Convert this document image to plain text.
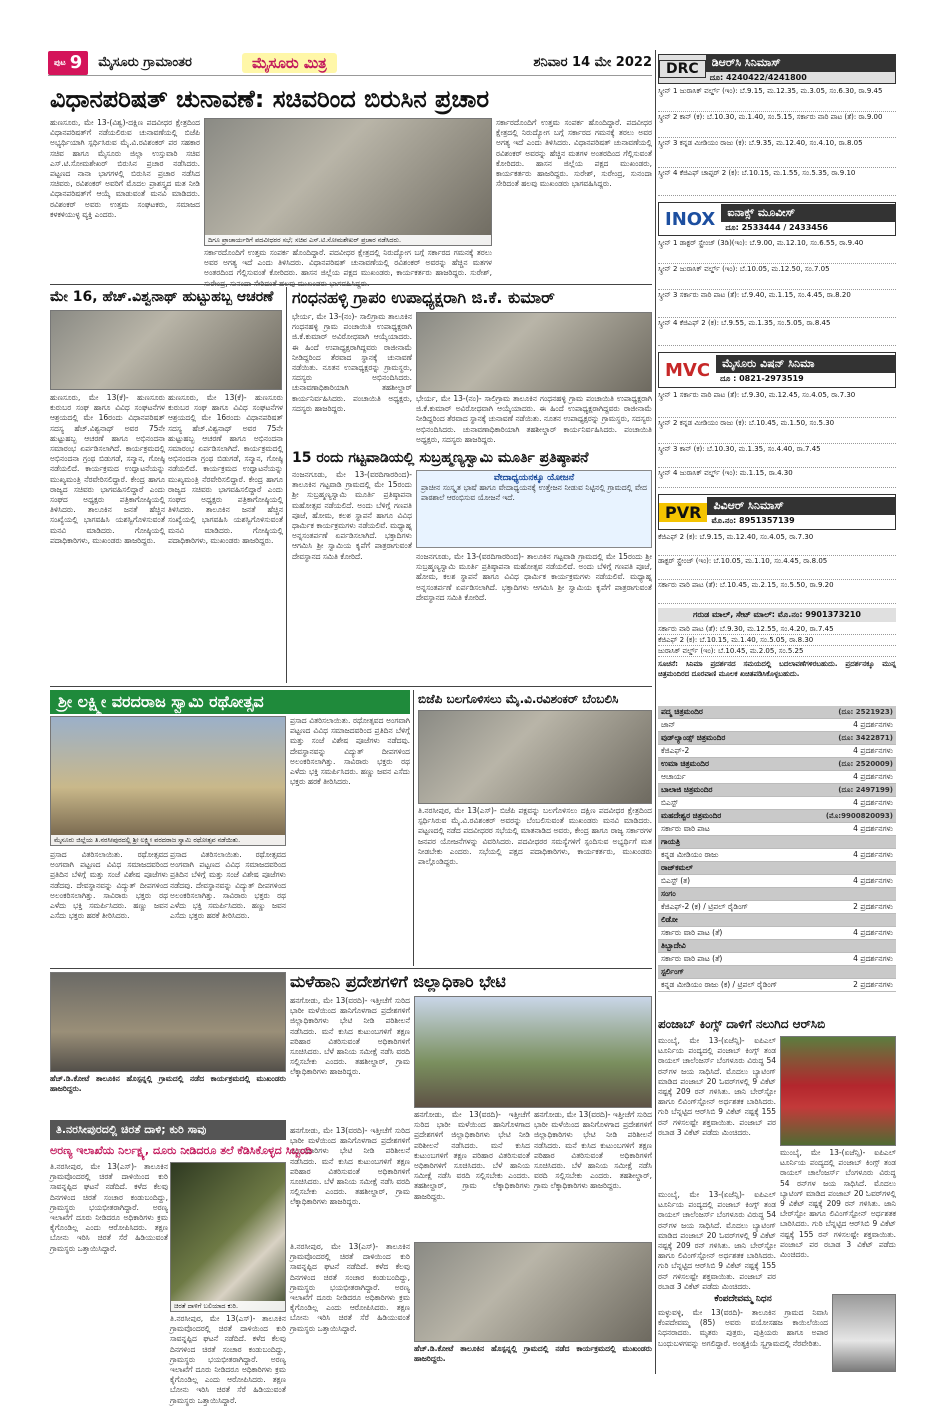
ಪುಟ 9 ಮೈಸೂರು ಗ್ರಾಮಾಂತರ	ಮೈಸೂರು ಮಿತ್ರ	ಶನಿವಾರ 14 ಮೇ 2022
ವಿಧಾನಪರಿಷತ್ ಚುನಾವಣೆ: ಸಚಿವರಿಂದ ಬಿರುಸಿನ ಪ್ರಚಾರ
ಹುಣಸೂರು, ಮೇ 13-(ವಿಶ್ವ)-ದಕ್ಷಿಣ ಪದವೀಧರ ಕ್ಷೇತ್ರದಿಂದ ವಿಧಾನಪರಿಷತ್‌ಗೆ ನಡೆಯಲಿರುವ ಚುನಾವಣೆಯಲ್ಲಿ ಬಿಜೆಪಿ ಅಭ್ಯರ್ಥಿಯಾಗಿ ಸ್ಪರ್ಧಿಸಿರುವ ಮೈ.ವಿ.ರವಿಶಂಕರ್ ಪರ ಸಹಕಾರ ಸಚಿವ ಹಾಗೂ ಮೈಸೂರು ಜಿಲ್ಲಾ ಉಸ್ತುವಾರಿ ಸಚಿವ ಎಸ್.ಟಿ.ಸೋಮಶೇಖರ್ ಬಿರುಸಿನ ಪ್ರಚಾರ ನಡೆಸಿದರು. ಪಟ್ಟಣದ ನಾನಾ ಭಾಗಗಳಲ್ಲಿ ಬಿರುಸಿನ ಪ್ರಚಾರ ನಡೆಸಿದ ಸಚಿವರು, ರವಿಶಂಕರ್ ಅವರಿಗೆ ಮೊದಲ ಪ್ರಾಶಸ್ತ್ಯದ ಮತ ನೀಡಿ ವಿಧಾನಪರಿಷತ್‌ಗೆ ಆಯ್ಕೆ ಮಾಡುವಂತೆ ಮನವಿ ಮಾಡಿದರು. ರವಿಶಂಕರ್ ಅವರು ಉತ್ತಮ ಸಂಘಟಕರು, ಸಮಾಜದ ಕಳಕಳಿಯುಳ್ಳ ವ್ಯಕ್ತಿ ಎಂದರು.
ದಿಗೂ ಪ್ರಾಚಾರ್ಯರಿಗೆ ಪದವೀಧರರ ಸಭೆ; ಸಚಿವ ಎಸ್.ಟಿ.ಸೋಮಶೇಖರ್ ಪ್ರಚಾರ ನಡೆಸಿದರು.
ಸರ್ಕಾರದೊಂದಿಗೆ ಉತ್ತಮ ಸಂಪರ್ಕ ಹೊಂದಿದ್ದಾರೆ. ಪದವೀಧರ ಕ್ಷೇತ್ರದಲ್ಲಿ ನಿರುದ್ಯೋಗ ಬಗ್ಗೆ ಸರ್ಕಾರದ ಗಮನಕ್ಕೆ ತರಲು ಅವರ ಅಗತ್ಯ ಇದೆ ಎಂದು ತಿಳಿಸಿದರು. ವಿಧಾನಪರಿಷತ್ ಚುನಾವಣೆಯಲ್ಲಿ ರವಿಶಂಕರ್ ಅವರನ್ನು ಹೆಚ್ಚಿನ ಮತಗಳ ಅಂತರದಿಂದ ಗೆಲ್ಲಿಸುವಂತೆ ಕೋರಿದರು. ಹಾಸನ ಜಿಲ್ಲೆಯ ಪಕ್ಷದ ಮುಖಂಡರು, ಕಾರ್ಯಕರ್ತರು ಹಾಜರಿದ್ದರು. ಸುರೇಶ್,
ಸರ್ಕಾರದೊಂದಿಗೆ ಉತ್ತಮ ಸಂಪರ್ಕ ಹೊಂದಿದ್ದಾರೆ. ಪದವೀಧರ ಕ್ಷೇತ್ರದಲ್ಲಿ ನಿರುದ್ಯೋಗ ಬಗ್ಗೆ ಸರ್ಕಾರದ ಗಮನಕ್ಕೆ ತರಲು ಅವರ ಅಗತ್ಯ ಇದೆ ಎಂದು ತಿಳಿಸಿದರು. ವಿಧಾನಪರಿಷತ್ ಚುನಾವಣೆಯಲ್ಲಿ ರವಿಶಂಕರ್ ಅವರನ್ನು ಹೆಚ್ಚಿನ ಮತಗಳ ಅಂತರದಿಂದ ಗೆಲ್ಲಿಸುವಂತೆ ಕೋರಿದರು. ಹಾಸನ ಜಿಲ್ಲೆಯ ಪಕ್ಷದ ಮುಖಂಡರು, ಕಾರ್ಯಕರ್ತರು ಹಾಜರಿದ್ದರು. ಸುರೇಶ್, ಸುರೇಂದ್ರ, ಸುನಂದಾ ಸೇರಿದಂತೆ ಹಲವು ಮುಖಂಡರು ಭಾಗವಹಿಸಿದ್ದರು.
ಮೇ 16, ಹೆಚ್.ವಿಶ್ವನಾಥ್ ಹುಟ್ಟುಹಬ್ಬ ಆಚರಣೆ
ಹುಣಸೂರು, ಮೇ 13(ಕೆ)- ಹುಣಸೂರು ಕುರುಬರ ಸಂಘ ಹಾಗೂ ವಿವಿಧ ಸಂಘಟನೆಗಳ ಆಶ್ರಯದಲ್ಲಿ ಮೇ 16ರಂದು ವಿಧಾನಪರಿಷತ್ ಸದಸ್ಯ ಹೆಚ್.ವಿಶ್ವನಾಥ್ ಅವರ 75ನೇ ಹುಟ್ಟುಹಬ್ಬ ಆಚರಣೆ ಹಾಗೂ ಅಭಿನಂದನಾ ಸಮಾರಂಭ ಏರ್ಪಡಿಸಲಾಗಿದೆ. ಕಾರ್ಯಕ್ರಮದಲ್ಲಿ ಅಭಿನಂದನಾ ಗ್ರಂಥ ಬಿಡುಗಡೆ, ಸನ್ಮಾನ, ಗೋಷ್ಠಿ ನಡೆಯಲಿದೆ. ಕಾರ್ಯಕ್ರಮದ ಉದ್ಘಾಟನೆಯನ್ನು ಮುಖ್ಯಮಂತ್ರಿ ನೆರವೇರಿಸಲಿದ್ದಾರೆ. ಕೇಂದ್ರ ಹಾಗೂ ರಾಜ್ಯದ ಸಚಿವರು ಭಾಗವಹಿಸಲಿದ್ದಾರೆ ಎಂದು ಸಂಘದ ಅಧ್ಯಕ್ಷರು ಪತ್ರಿಕಾಗೋಷ್ಠಿಯಲ್ಲಿ ತಿಳಿಸಿದರು. ತಾಲೂಕಿನ ಜನತೆ ಹೆಚ್ಚಿನ ಸಂಖ್ಯೆಯಲ್ಲಿ ಭಾಗವಹಿಸಿ ಯಶಸ್ವಿಗೊಳಿಸುವಂತೆ ಮನವಿ ಮಾಡಿದರು. ಗೋಷ್ಠಿಯಲ್ಲಿ ಪದಾಧಿಕಾರಿಗಳು, ಮುಖಂಡರು ಹಾಜರಿದ್ದರು.
ಹುಣಸೂರು, ಮೇ 13(ಕೆ)- ಹುಣಸೂರು ಕುರುಬರ ಸಂಘ ಹಾಗೂ ವಿವಿಧ ಸಂಘಟನೆಗಳ ಆಶ್ರಯದಲ್ಲಿ ಮೇ 16ರಂದು ವಿಧಾನಪರಿಷತ್ ಸದಸ್ಯ ಹೆಚ್.ವಿಶ್ವನಾಥ್ ಅವರ 75ನೇ ಹುಟ್ಟುಹಬ್ಬ ಆಚರಣೆ ಹಾಗೂ ಅಭಿನಂದನಾ ಸಮಾರಂಭ ಏರ್ಪಡಿಸಲಾಗಿದೆ. ಕಾರ್ಯಕ್ರಮದಲ್ಲಿ ಅಭಿನಂದನಾ ಗ್ರಂಥ ಬಿಡುಗಡೆ, ಸನ್ಮಾನ, ಗೋಷ್ಠಿ ನಡೆಯಲಿದೆ. ಕಾರ್ಯಕ್ರಮದ ಉದ್ಘಾಟನೆಯನ್ನು ಮುಖ್ಯಮಂತ್ರಿ ನೆರವೇರಿಸಲಿದ್ದಾರೆ. ಕೇಂದ್ರ ಹಾಗೂ ರಾಜ್ಯದ ಸಚಿವರು ಭಾಗವಹಿಸಲಿದ್ದಾರೆ ಎಂದು ಸಂಘದ ಅಧ್ಯಕ್ಷರು ಪತ್ರಿಕಾಗೋಷ್ಠಿಯಲ್ಲಿ ತಿಳಿಸಿದರು. ತಾಲೂಕಿನ ಜನತೆ ಹೆಚ್ಚಿನ ಸಂಖ್ಯೆಯಲ್ಲಿ ಭಾಗವಹಿಸಿ ಯಶಸ್ವಿಗೊಳಿಸುವಂತೆ ಮನವಿ ಮಾಡಿದರು. ಗೋಷ್ಠಿಯಲ್ಲಿ ಪದಾಧಿಕಾರಿಗಳು, ಮುಖಂಡರು ಹಾಜರಿದ್ದರು.
ಗಂಧನಹಳ್ಳಿ ಗ್ರಾಪಂ ಉಪಾಧ್ಯಕ್ಷರಾಗಿ ಜಿ.ಕೆ. ಕುಮಾರ್
ಭೇರ್ಯ, ಮೇ 13-(ನಂ)- ಸಾಲಿಗ್ರಾಮ ತಾಲೂಕಿನ ಗಂಧನಹಳ್ಳಿ ಗ್ರಾಮ ಪಂಚಾಯಿತಿ ಉಪಾಧ್ಯಕ್ಷರಾಗಿ ಜಿ.ಕೆ.ಕುಮಾರ್ ಅವಿರೋಧವಾಗಿ ಆಯ್ಕೆಯಾದರು. ಈ ಹಿಂದೆ ಉಪಾಧ್ಯಕ್ಷರಾಗಿದ್ದವರು ರಾಜೀನಾಮೆ ನೀಡಿದ್ದರಿಂದ ತೆರವಾದ ಸ್ಥಾನಕ್ಕೆ ಚುನಾವಣೆ ನಡೆಯಿತು. ನೂತನ ಉಪಾಧ್ಯಕ್ಷರನ್ನು ಗ್ರಾಮಸ್ಥರು, ಸದಸ್ಯರು ಅಭಿನಂದಿಸಿದರು. ಚುನಾವಣಾಧಿಕಾರಿಯಾಗಿ ತಹಶೀಲ್ದಾರ್ ಕಾರ್ಯನಿರ್ವಹಿಸಿದರು. ಪಂಚಾಯಿತಿ ಅಧ್ಯಕ್ಷರು, ಸದಸ್ಯರು ಹಾಜರಿದ್ದರು.
ಭೇರ್ಯ, ಮೇ 13-(ನಂ)- ಸಾಲಿಗ್ರಾಮ ತಾಲೂಕಿನ ಗಂಧನಹಳ್ಳಿ ಗ್ರಾಮ ಪಂಚಾಯಿತಿ ಉಪಾಧ್ಯಕ್ಷರಾಗಿ ಜಿ.ಕೆ.ಕುಮಾರ್ ಅವಿರೋಧವಾಗಿ ಆಯ್ಕೆಯಾದರು. ಈ ಹಿಂದೆ ಉಪಾಧ್ಯಕ್ಷರಾಗಿದ್ದವರು ರಾಜೀನಾಮೆ ನೀಡಿದ್ದರಿಂದ ತೆರವಾದ ಸ್ಥಾನಕ್ಕೆ ಚುನಾವಣೆ ನಡೆಯಿತು. ನೂತನ ಉಪಾಧ್ಯಕ್ಷರನ್ನು ಗ್ರಾಮಸ್ಥರು, ಸದಸ್ಯರು ಅಭಿನಂದಿಸಿದರು. ಚುನಾವಣಾಧಿಕಾರಿಯಾಗಿ ತಹಶೀಲ್ದಾರ್ ಕಾರ್ಯನಿರ್ವಹಿಸಿದರು. ಪಂಚಾಯಿತಿ ಅಧ್ಯಕ್ಷರು, ಸದಸ್ಯರು ಹಾಜರಿದ್ದರು.
15 ರಂದು ಗಟ್ಟವಾಡಿಯಲ್ಲಿ ಸುಬ್ರಹ್ಮಣ್ಯಸ್ವಾಮಿ ಮೂರ್ತಿ ಪ್ರತಿಷ್ಠಾಪನೆ
ನಂಜನಗೂಡು, ಮೇ 13-(ವರದಿಗಾರರಿಂದ)- ತಾಲೂಕಿನ ಗಟ್ಟವಾಡಿ ಗ್ರಾಮದಲ್ಲಿ ಮೇ 15ರಂದು ಶ್ರೀ ಸುಬ್ರಹ್ಮಣ್ಯಸ್ವಾಮಿ ಮೂರ್ತಿ ಪ್ರತಿಷ್ಠಾಪನಾ ಮಹೋತ್ಸವ ನಡೆಯಲಿದೆ. ಅಂದು ಬೆಳಿಗ್ಗೆ ಗಣಪತಿ ಪೂಜೆ, ಹೋಮ, ಕಲಶ ಸ್ಥಾಪನೆ ಹಾಗೂ ವಿವಿಧ ಧಾರ್ಮಿಕ ಕಾರ್ಯಕ್ರಮಗಳು ನಡೆಯಲಿವೆ. ಮಧ್ಯಾಹ್ನ ಅನ್ನಸಂತರ್ಪಣೆ ಏರ್ಪಡಿಸಲಾಗಿದೆ. ಭಕ್ತಾದಿಗಳು ಆಗಮಿಸಿ ಶ್ರೀ ಸ್ವಾಮಿಯ ಕೃಪೆಗೆ ಪಾತ್ರರಾಗುವಂತೆ ದೇವಸ್ಥಾನದ ಸಮಿತಿ ಕೋರಿದೆ.
ವೇದಾಧ್ಯಯನಕ್ಕೂ ಯೋಜನೆ
ಪ್ರಾಚೀನ ಸಂಸ್ಕೃತ ಭಾಷೆ ಹಾಗೂ ವೇದಾಧ್ಯಯನಕ್ಕೆ ಉತ್ತೇಜನ ನೀಡುವ ನಿಟ್ಟಿನಲ್ಲಿ ಗ್ರಾಮದಲ್ಲಿ ವೇದ ಪಾಠಶಾಲೆ ಆರಂಭಿಸುವ ಯೋಜನೆ ಇದೆ.
ನಂಜನಗೂಡು, ಮೇ 13-(ವರದಿಗಾರರಿಂದ)- ತಾಲೂಕಿನ ಗಟ್ಟವಾಡಿ ಗ್ರಾಮದಲ್ಲಿ ಮೇ 15ರಂದು ಶ್ರೀ ಸುಬ್ರಹ್ಮಣ್ಯಸ್ವಾಮಿ ಮೂರ್ತಿ ಪ್ರತಿಷ್ಠಾಪನಾ ಮಹೋತ್ಸವ ನಡೆಯಲಿದೆ. ಅಂದು ಬೆಳಿಗ್ಗೆ ಗಣಪತಿ ಪೂಜೆ, ಹೋಮ, ಕಲಶ ಸ್ಥಾಪನೆ ಹಾಗೂ ವಿವಿಧ ಧಾರ್ಮಿಕ ಕಾರ್ಯಕ್ರಮಗಳು ನಡೆಯಲಿವೆ. ಮಧ್ಯಾಹ್ನ ಅನ್ನಸಂತರ್ಪಣೆ ಏರ್ಪಡಿಸಲಾಗಿದೆ. ಭಕ್ತಾದಿಗಳು ಆಗಮಿಸಿ ಶ್ರೀ ಸ್ವಾಮಿಯ ಕೃಪೆಗೆ ಪಾತ್ರರಾಗುವಂತೆ ದೇವಸ್ಥಾನದ ಸಮಿತಿ ಕೋರಿದೆ.
ಶ್ರೀ ಲಕ್ಷ್ಮೀ ವರದರಾಜ ಸ್ವಾಮಿ ರಥೋತ್ಸವ
ಮೈಸೂರು ಜಿಲ್ಲೆಯ ತಿ.ನರಸೀಪುರದಲ್ಲಿ ಶ್ರೀ ಲಕ್ಷ್ಮೀ ವರದರಾಜ ಸ್ವಾಮಿ ರಥೋತ್ಸವ ನಡೆಯಿತು.
ಪ್ರಸಾದ ವಿತರಿಸಲಾಯಿತು. ರಥೋತ್ಸವದ ಅಂಗವಾಗಿ ಪಟ್ಟಣದ ವಿವಿಧ ಸಮಾಜದವರಿಂದ ಪ್ರತಿದಿನ ಬೆಳಿಗ್ಗೆ ಮತ್ತು ಸಂಜೆ ವಿಶೇಷ ಪೂಜೆಗಳು ನಡೆದವು. ದೇವಸ್ಥಾನವನ್ನು ವಿದ್ಯುತ್ ದೀಪಗಳಿಂದ ಅಲಂಕರಿಸಲಾಗಿತ್ತು. ಸಾವಿರಾರು ಭಕ್ತರು ರಥ ಎಳೆದು ಭಕ್ತಿ ಸಮರ್ಪಿಸಿದರು. ಹಣ್ಣು ಜವನ ಎಸೆದು ಭಕ್ತರು ಹರಕೆ ತೀರಿಸಿದರು.
ಪ್ರಸಾದ ವಿತರಿಸಲಾಯಿತು. ರಥೋತ್ಸವದ ಅಂಗವಾಗಿ ಪಟ್ಟಣದ ವಿವಿಧ ಸಮಾಜದವರಿಂದ ಪ್ರತಿದಿನ ಬೆಳಿಗ್ಗೆ ಮತ್ತು ಸಂಜೆ ವಿಶೇಷ ಪೂಜೆಗಳು ನಡೆದವು. ದೇವಸ್ಥಾನವನ್ನು ವಿದ್ಯುತ್ ದೀಪಗಳಿಂದ ಅಲಂಕರಿಸಲಾಗಿತ್ತು. ಸಾವಿರಾರು ಭಕ್ತರು ರಥ ಎಳೆದು ಭಕ್ತಿ ಸಮರ್ಪಿಸಿದರು. ಹಣ್ಣು ಜವನ ಎಸೆದು ಭಕ್ತರು ಹರಕೆ ತೀರಿಸಿದರು.
ಪ್ರಸಾದ ವಿತರಿಸಲಾಯಿತು. ರಥೋತ್ಸವದ ಅಂಗವಾಗಿ ಪಟ್ಟಣದ ವಿವಿಧ ಸಮಾಜದವರಿಂದ ಪ್ರತಿದಿನ ಬೆಳಿಗ್ಗೆ ಮತ್ತು ಸಂಜೆ ವಿಶೇಷ ಪೂಜೆಗಳು ನಡೆದವು. ದೇವಸ್ಥಾನವನ್ನು ವಿದ್ಯುತ್ ದೀಪಗಳಿಂದ ಅಲಂಕರಿಸಲಾಗಿತ್ತು. ಸಾವಿರಾರು ಭಕ್ತರು ರಥ ಎಳೆದು ಭಕ್ತಿ ಸಮರ್ಪಿಸಿದರು. ಹಣ್ಣು ಜವನ ಎಸೆದು ಭಕ್ತರು ಹರಕೆ ತೀರಿಸಿದರು.
ಬಿಜೆಪಿ ಬಲಗೊಳಿಸಲು ಮೈ.ವಿ.ರವಿಶಂಕರ್ ಬೆಂಬಲಿಸಿ
ತಿ.ನರಸೀಪುರ, ಮೇ 13(ಎಸ್)- ಬಿಜೆಪಿ ಪಕ್ಷವನ್ನು ಬಲಗೊಳಿಸಲು ದಕ್ಷಿಣ ಪದವೀಧರ ಕ್ಷೇತ್ರದಿಂದ ಸ್ಪರ್ಧಿಸಿರುವ ಮೈ.ವಿ.ರವಿಶಂಕರ್ ಅವರನ್ನು ಬೆಂಬಲಿಸುವಂತೆ ಮುಖಂಡರು ಮನವಿ ಮಾಡಿದರು. ಪಟ್ಟಣದಲ್ಲಿ ನಡೆದ ಪದವೀಧರರ ಸಭೆಯಲ್ಲಿ ಮಾತನಾಡಿದ ಅವರು, ಕೇಂದ್ರ ಹಾಗೂ ರಾಜ್ಯ ಸರ್ಕಾರಗಳ ಜನಪರ ಯೋಜನೆಗಳನ್ನು ವಿವರಿಸಿದರು. ಪದವೀಧರರ ಸಮಸ್ಯೆಗಳಿಗೆ ಸ್ಪಂದಿಸುವ ಅಭ್ಯರ್ಥಿಗೆ ಮತ ನೀಡಬೇಕು ಎಂದರು. ಸಭೆಯಲ್ಲಿ ಪಕ್ಷದ ಪದಾಧಿಕಾರಿಗಳು, ಕಾರ್ಯಕರ್ತರು, ಮುಖಂಡರು ಪಾಲ್ಗೊಂಡಿದ್ದರು.
ಮಳೆಹಾನಿ ಪ್ರದೇಶಗಳಿಗೆ ಜಿಲ್ಲಾಧಿಕಾರಿ ಭೇಟಿ
ಹೆಚ್.ಡಿ.ಕೋಟೆ ತಾಲೂಕಿನ ಹೊಸ್ಪನ್ನಲ್ಲಿ ಗ್ರಾಮದಲ್ಲಿ ನಡೆದ ಕಾರ್ಯಕ್ರಮದಲ್ಲಿ ಮುಖಂಡರು ಹಾಜರಿದ್ದರು.
ಹನಗೋಡು, ಮೇ 13(ವರದಿ)- ಇತ್ತೀಚೆಗೆ ಸುರಿದ ಭಾರೀ ಮಳೆಯಿಂದ ಹಾನಿಗೊಳಗಾದ ಪ್ರದೇಶಗಳಿಗೆ ಜಿಲ್ಲಾಧಿಕಾರಿಗಳು ಭೇಟಿ ನೀಡಿ ಪರಿಶೀಲನೆ ನಡೆಸಿದರು. ಮನೆ ಕುಸಿದ ಕುಟುಂಬಗಳಿಗೆ ತಕ್ಷಣ ಪರಿಹಾರ ವಿತರಿಸುವಂತೆ ಅಧಿಕಾರಿಗಳಿಗೆ ಸೂಚಿಸಿದರು. ಬೆಳೆ ಹಾನಿಯ ಸಮೀಕ್ಷೆ ನಡೆಸಿ ವರದಿ ಸಲ್ಲಿಸಬೇಕು ಎಂದರು. ತಹಶೀಲ್ದಾರ್, ಗ್ರಾಮ ಲೆಕ್ಕಾಧಿಕಾರಿಗಳು ಹಾಜರಿದ್ದರು.
ಹನಗೋಡು, ಮೇ 13(ವರದಿ)- ಇತ್ತೀಚೆಗೆ ಸುರಿದ ಭಾರೀ ಮಳೆಯಿಂದ ಹಾನಿಗೊಳಗಾದ ಪ್ರದೇಶಗಳಿಗೆ ಜಿಲ್ಲಾಧಿಕಾರಿಗಳು ಭೇಟಿ ನೀಡಿ ಪರಿಶೀಲನೆ ನಡೆಸಿದರು. ಮನೆ ಕುಸಿದ ಕುಟುಂಬಗಳಿಗೆ ತಕ್ಷಣ ಪರಿಹಾರ ವಿತರಿಸುವಂತೆ ಅಧಿಕಾರಿಗಳಿಗೆ ಸೂಚಿಸಿದರು. ಬೆಳೆ ಹಾನಿಯ ಸಮೀಕ್ಷೆ ನಡೆಸಿ ವರದಿ ಸಲ್ಲಿಸಬೇಕು ಎಂದರು. ತಹಶೀಲ್ದಾರ್, ಗ್ರಾಮ ಲೆಕ್ಕಾಧಿಕಾರಿಗಳು ಹಾಜರಿದ್ದರು.
ಹನಗೋಡು, ಮೇ 13(ವರದಿ)- ಇತ್ತೀಚೆಗೆ ಸುರಿದ ಭಾರೀ ಮಳೆಯಿಂದ ಹಾನಿಗೊಳಗಾದ ಪ್ರದೇಶಗಳಿಗೆ ಜಿಲ್ಲಾಧಿಕಾರಿಗಳು ಭೇಟಿ ನೀಡಿ ಪರಿಶೀಲನೆ ನಡೆಸಿದರು. ಮನೆ ಕುಸಿದ ಕುಟುಂಬಗಳಿಗೆ ತಕ್ಷಣ ಪರಿಹಾರ ವಿತರಿಸುವಂತೆ ಅಧಿಕಾರಿಗಳಿಗೆ ಸೂಚಿಸಿದರು. ಬೆಳೆ ಹಾನಿಯ ಸಮೀಕ್ಷೆ ನಡೆಸಿ ವರದಿ ಸಲ್ಲಿಸಬೇಕು ಎಂದರು. ತಹಶೀಲ್ದಾರ್, ಗ್ರಾಮ ಲೆಕ್ಕಾಧಿಕಾರಿಗಳು ಹಾಜರಿದ್ದರು.
ಹನಗೋಡು, ಮೇ 13(ವರದಿ)- ಇತ್ತೀಚೆಗೆ ಸುರಿದ ಭಾರೀ ಮಳೆಯಿಂದ ಹಾನಿಗೊಳಗಾದ ಪ್ರದೇಶಗಳಿಗೆ ಜಿಲ್ಲಾಧಿಕಾರಿಗಳು ಭೇಟಿ ನೀಡಿ ಪರಿಶೀಲನೆ ನಡೆಸಿದರು. ಮನೆ ಕುಸಿದ ಕುಟುಂಬಗಳಿಗೆ ತಕ್ಷಣ ಪರಿಹಾರ ವಿತರಿಸುವಂತೆ ಅಧಿಕಾರಿಗಳಿಗೆ ಸೂಚಿಸಿದರು. ಬೆಳೆ ಹಾನಿಯ ಸಮೀಕ್ಷೆ ನಡೆಸಿ ವರದಿ ಸಲ್ಲಿಸಬೇಕು ಎಂದರು. ತಹಶೀಲ್ದಾರ್, ಗ್ರಾಮ ಲೆಕ್ಕಾಧಿಕಾರಿಗಳು ಹಾಜರಿದ್ದರು.
ಹೆಚ್.ಡಿ.ಕೋಟೆ ತಾಲೂಕಿನ ಹೊಸ್ಪನ್ನಲ್ಲಿ ಗ್ರಾಮದಲ್ಲಿ ನಡೆದ ಕಾರ್ಯಕ್ರಮದಲ್ಲಿ ಮುಖಂಡರು ಹಾಜರಿದ್ದರು.
ತಿ.ನರಸೀಪುರದಲ್ಲಿ ಚಿರತೆ ದಾಳಿ; ಕುರಿ ಸಾವು
ಅರಣ್ಯ ಇಲಾಖೆಯ ನಿರ್ಲಕ್ಷ್ಯ, ದೂರು ನೀಡಿದರೂ ತಲೆ ಕೆಡಿಸಿಕೊಳ್ಳದ ಸಿಬ್ಬಂದಿ
ತಿ.ನರಸೀಪುರ, ಮೇ 13(ಎಸ್)- ತಾಲೂಕಿನ ಗ್ರಾಮವೊಂದರಲ್ಲಿ ಚಿರತೆ ದಾಳಿಯಿಂದ ಕುರಿ ಸಾವನ್ನಪ್ಪಿದ ಘಟನೆ ನಡೆದಿದೆ. ಕಳೆದ ಕೆಲವು ದಿನಗಳಿಂದ ಚಿರತೆ ಸಂಚಾರ ಕಂಡುಬಂದಿದ್ದು, ಗ್ರಾಮಸ್ಥರು ಭಯಭೀತರಾಗಿದ್ದಾರೆ. ಅರಣ್ಯ ಇಲಾಖೆಗೆ ದೂರು ನೀಡಿದರೂ ಅಧಿಕಾರಿಗಳು ಕ್ರಮ ಕೈಗೊಂಡಿಲ್ಲ ಎಂದು ಆರೋಪಿಸಿದರು. ತಕ್ಷಣ ಬೋನು ಇರಿಸಿ ಚಿರತೆ ಸೆರೆ ಹಿಡಿಯುವಂತೆ ಗ್ರಾಮಸ್ಥರು ಒತ್ತಾಯಿಸಿದ್ದಾರೆ.
ಚಿರತೆ ದಾಳಿಗೆ ಬಲಿಯಾದ ಕುರಿ.
ತಿ.ನರಸೀಪುರ, ಮೇ 13(ಎಸ್)- ತಾಲೂಕಿನ ಗ್ರಾಮವೊಂದರಲ್ಲಿ ಚಿರತೆ ದಾಳಿಯಿಂದ ಕುರಿ ಸಾವನ್ನಪ್ಪಿದ ಘಟನೆ ನಡೆದಿದೆ. ಕಳೆದ ಕೆಲವು ದಿನಗಳಿಂದ ಚಿರತೆ ಸಂಚಾರ ಕಂಡುಬಂದಿದ್ದು, ಗ್ರಾಮಸ್ಥರು ಭಯಭೀತರಾಗಿದ್ದಾರೆ. ಅರಣ್ಯ ಇಲಾಖೆಗೆ ದೂರು ನೀಡಿದರೂ ಅಧಿಕಾರಿಗಳು ಕ್ರಮ ಕೈಗೊಂಡಿಲ್ಲ ಎಂದು ಆರೋಪಿಸಿದರು. ತಕ್ಷಣ ಬೋನು ಇರಿಸಿ ಚಿರತೆ ಸೆರೆ ಹಿಡಿಯುವಂತೆ ಗ್ರಾಮಸ್ಥರು ಒತ್ತಾಯಿಸಿದ್ದಾರೆ.
ತಿ.ನರಸೀಪುರ, ಮೇ 13(ಎಸ್)- ತಾಲೂಕಿನ ಗ್ರಾಮವೊಂದರಲ್ಲಿ ಚಿರತೆ ದಾಳಿಯಿಂದ ಕುರಿ ಸಾವನ್ನಪ್ಪಿದ ಘಟನೆ ನಡೆದಿದೆ. ಕಳೆದ ಕೆಲವು ದಿನಗಳಿಂದ ಚಿರತೆ ಸಂಚಾರ ಕಂಡುಬಂದಿದ್ದು, ಗ್ರಾಮಸ್ಥರು ಭಯಭೀತರಾಗಿದ್ದಾರೆ. ಅರಣ್ಯ ಇಲಾಖೆಗೆ ದೂರು ನೀಡಿದರೂ ಅಧಿಕಾರಿಗಳು ಕ್ರಮ ಕೈಗೊಂಡಿಲ್ಲ ಎಂದು ಆರೋಪಿಸಿದರು. ತಕ್ಷಣ ಬೋನು ಇರಿಸಿ ಚಿರತೆ ಸೆರೆ ಹಿಡಿಯುವಂತೆ ಗ್ರಾಮಸ್ಥರು ಒತ್ತಾಯಿಸಿದ್ದಾರೆ.
DRC	ಡಿಆರ್‌ಸಿ ಸಿನಿಮಾಸ್
ದೂ: 4240422/4241800
ಸ್ಕ್ರೀನ್ 1 ಜುರಾಸಿಕ್ ವರ್ಲ್ಡ್ (ಇಂ): ಬೆ.9.15, ಮ.12.35, ಮ.3.05, ಸಂ.6.30, ರಾ.9.45
ಸ್ಕ್ರೀನ್ 2 ಕಾನ್ (ಕ): ಬೆ.10.30, ಮ.1.40, ಸಂ.5.15, ಸರ್ಕಾರು ವಾರಿ ಪಾಟ (ತೆ): ರಾ.9.00
ಸ್ಕ್ರೀನ್ 3 ಕನ್ನಡ ಮೀಡಿಯಂ ರಾಜು (ಕ): ಬೆ.9.35, ಮ.12.40, ಸಂ.4.10, ರಾ.8.05
ಸ್ಕ್ರೀನ್ 4 ಕೆಜಿಎಫ್ ಚಾಪ್ಟರ್ 2 (ಕ): ಬೆ.10.15, ಮ.1.55, ಸಂ.5.35, ರಾ.9.10
INOX	ಐನಾಕ್ಸ್ ಮೂವೀಸ್
ದೂ: 2533444 / 2433456
ಸ್ಕ್ರೀನ್ 1 ಡಾಕ್ಟರ್ ಸ್ಟ್ರೇಂಜ್ (3ಡಿ)(ಇಂ): ಬೆ.9.00, ಮ.12.10, ಸಂ.6.55, ರಾ.9.40
ಸ್ಕ್ರೀನ್ 2 ಜುರಾಸಿಕ್ ವರ್ಲ್ಡ್ (ಇಂ): ಬೆ.10.05, ಮ.12.50, ಸಂ.7.05
ಸ್ಕ್ರೀನ್ 3 ಸರ್ಕಾರು ವಾರಿ ಪಾಟ (ತೆ): ಬೆ.9.40, ಮ.1.15, ಸಂ.4.45, ರಾ.8.20
ಸ್ಕ್ರೀನ್ 4 ಕೆಜಿಎಫ್ 2 (ಕ): ಬೆ.9.55, ಮ.1.35, ಸಂ.5.05, ರಾ.8.45
MVC	ಮೈಸೂರು ವಿಷನ್ ಸಿನಿಮಾ
ದೂ : 0821-2973519
ಸ್ಕ್ರೀನ್ 1 ಸರ್ಕಾರು ವಾರಿ ಪಾಟ (ತೆ): ಬೆ.9.30, ಮ.12.45, ಸಂ.4.05, ರಾ.7.30
ಸ್ಕ್ರೀನ್ 2 ಕನ್ನಡ ಮೀಡಿಯಂ ರಾಜು (ಕ): ಬೆ.10.45, ಮ.1.50, ಸಂ.5.30
ಸ್ಕ್ರೀನ್ 3 ಕಾನ್ (ಕ): ಬೆ.10.30, ಮ.1.35, ಸಂ.4.40, ರಾ.7.45
ಸ್ಕ್ರೀನ್ 4 ಜುರಾಸಿಕ್ ವರ್ಲ್ಡ್ (ಇಂ): ಮ.1.15, ರಾ.4.30
PVR	ಪಿವಿಆರ್ ಸಿನಿಮಾಸ್
ಮೊ.ನಂ: 8951357139
ಕೆಜಿಎಫ್ 2 (ಕ): ಬೆ.9.15, ಮ.12.40, ಸಂ.4.05, ರಾ.7.30
ಡಾಕ್ಟರ್ ಸ್ಟ್ರೇಂಜ್ (ಇಂ): ಬೆ.10.05, ಮ.1.10, ಸಂ.4.45, ರಾ.8.05
ಸರ್ಕಾರು ವಾರಿ ಪಾಟ (ತೆ): ಬೆ.10.45, ಮ.2.15, ಸಂ.5.50, ರಾ.9.20
ಗರುಡ ಮಾಲ್, ಸೇಟ್ ಮಾಲ್: ಮೊ.ನಂ: 9901373210
ಸರ್ಕಾರು ವಾರಿ ಪಾಟ (ತೆ): ಬೆ.9.30, ಮ.12.55, ಸಂ.4.20, ರಾ.7.45
ಕೆಜಿಎಫ್ 2 (ಕ): ಬೆ.10.15, ಮ.1.40, ಸಂ.5.05, ರಾ.8.30
ಜುರಾಸಿಕ್ ವರ್ಲ್ಡ್ (ಇಂ): ಬೆ.10.45, ಮ.2.05, ಸಂ.5.25
ಸೂಚನೆ: ಸಿನಿಮಾ ಪ್ರದರ್ಶನದ ಸಮಯದಲ್ಲಿ ಬದಲಾವಣೆಗಳಿರಬಹುದು. ಪ್ರದರ್ಶನಕ್ಕೂ ಮುನ್ನ ಚಿತ್ರಮಂದಿರದ ದೂರವಾಣಿ ಮೂಲಕ ಖಚಿತಪಡಿಸಿಕೊಳ್ಳಬಹುದು.
ಪದ್ಮ ಚಿತ್ರಮಂದಿರ	(ದೂ: 2521923)
ಜಾನ್	4 ಪ್ರದರ್ಶನಗಳು
ವುಡ್‌ಲ್ಯಾಂಡ್ಸ್ ಚಿತ್ರಮಂದಿರ	(ದೂ: 3422871)
ಕೆಜಿಎಫ್-2	4 ಪ್ರದರ್ಶನಗಳು
ಉಮಾ ಚಿತ್ರಮಂದಿರ	(ದೂ: 2520009)
ಆಚಾರ್ಯ	4 ಪ್ರದರ್ಶನಗಳು
ಬಾಲಾಜಿ ಚಿತ್ರಮಂದಿರ	(ದೂ: 2497199)
ಬಿಎಸ್ಟ್	4 ಪ್ರದರ್ಶನಗಳು
ಮಹದೇಶ್ವರ ಚಿತ್ರಮಂದಿರ	(ಮೊ:9900820093)
ಸರ್ಕಾರು ವಾರಿ ಪಾಟ	4 ಪ್ರದರ್ಶನಗಳು
ಗಾಯತ್ರಿ
ಕನ್ನಡ ಮೀಡಿಯಂ ರಾಜು	4 ಪ್ರದರ್ಶನಗಳು
ರಾಜ್‌ಕಮಲ್
ಬಿಎಸ್ಟ್ (ತ)	4 ಪ್ರದರ್ಶನಗಳು
ಸಂಗಂ
ಕೆಜಿಎಫ್-2 (ಕ) / ಟ್ರಿಪಲ್ ರೈಡಿಂಗ್	2 ಪ್ರದರ್ಶನಗಳು
ಲಿಡೋ
ಸರ್ಕಾರು ವಾರಿ ಪಾಟ (ತೆ)	4 ಪ್ರದರ್ಶನಗಳು
ತಿಬ್ಬಾದೇವಿ
ಸರ್ಕಾರು ವಾರಿ ಪಾಟ (ತೆ)	4 ಪ್ರದರ್ಶನಗಳು
ಸ್ಟರ್ಲಿಂಗ್
ಕನ್ನಡ ಮೀಡಿಯಂ ರಾಜು (ಕ) / ಟ್ರಿಪಲ್ ರೈಡಿಂಗ್	2 ಪ್ರದರ್ಶನಗಳು
ಪಂಜಾಬ್ ಕಿಂಗ್ಸ್ ದಾಳಿಗೆ ನಲುಗಿದ ಆರ್‌ಸಿಬಿ
ಮುಂಬೈ, ಮೇ 13-(ಏಜೆನ್ಸಿ)- ಐಪಿಎಲ್ ಟೂರ್ನಿಯ ಪಂದ್ಯದಲ್ಲಿ ಪಂಜಾಬ್ ಕಿಂಗ್ಸ್ ತಂಡ ರಾಯಲ್ ಚಾಲೆಂಜರ್ಸ್ ಬೆಂಗಳೂರು ವಿರುದ್ಧ 54 ರನ್‌ಗಳ ಜಯ ಸಾಧಿಸಿದೆ. ಮೊದಲು ಬ್ಯಾಟಿಂಗ್ ಮಾಡಿದ ಪಂಜಾಬ್ 20 ಓವರ್‌ಗಳಲ್ಲಿ 9 ವಿಕೆಟ್ ನಷ್ಟಕ್ಕೆ 209 ರನ್ ಗಳಿಸಿತು. ಜಾನಿ ಬೇರ್‌ಸ್ಟೋ ಹಾಗೂ ಲಿವಿಂಗ್‌ಸ್ಟೋನ್ ಅರ್ಧಶತಕ ಬಾರಿಸಿದರು. ಗುರಿ ಬೆನ್ನಟ್ಟಿದ ಆರ್‌ಸಿಬಿ 9 ವಿಕೆಟ್ ನಷ್ಟಕ್ಕೆ 155 ರನ್ ಗಳಿಸಲಷ್ಟೇ ಶಕ್ತವಾಯಿತು. ಪಂಜಾಬ್ ಪರ ರಬಾಡ 3 ವಿಕೆಟ್ ಪಡೆದು ಮಿಂಚಿದರು.
ಮುಂಬೈ, ಮೇ 13-(ಏಜೆನ್ಸಿ)- ಐಪಿಎಲ್ ಟೂರ್ನಿಯ ಪಂದ್ಯದಲ್ಲಿ ಪಂಜಾಬ್ ಕಿಂಗ್ಸ್ ತಂಡ ರಾಯಲ್ ಚಾಲೆಂಜರ್ಸ್ ಬೆಂಗಳೂರು ವಿರುದ್ಧ 54 ರನ್‌ಗಳ ಜಯ ಸಾಧಿಸಿದೆ. ಮೊದಲು ಬ್ಯಾಟಿಂಗ್ ಮಾಡಿದ ಪಂಜಾಬ್ 20 ಓವರ್‌ಗಳಲ್ಲಿ 9 ವಿಕೆಟ್ ನಷ್ಟಕ್ಕೆ 209 ರನ್ ಗಳಿಸಿತು. ಜಾನಿ ಬೇರ್‌ಸ್ಟೋ ಹಾಗೂ ಲಿವಿಂಗ್‌ಸ್ಟೋನ್ ಅರ್ಧಶತಕ ಬಾರಿಸಿದರು. ಗುರಿ ಬೆನ್ನಟ್ಟಿದ ಆರ್‌ಸಿಬಿ 9 ವಿಕೆಟ್ ನಷ್ಟಕ್ಕೆ 155 ರನ್ ಗಳಿಸಲಷ್ಟೇ ಶಕ್ತವಾಯಿತು. ಪಂಜಾಬ್ ಪರ ರಬಾಡ 3 ವಿಕೆಟ್ ಪಡೆದು ಮಿಂಚಿದರು.
ಮುಂಬೈ, ಮೇ 13-(ಏಜೆನ್ಸಿ)- ಐಪಿಎಲ್ ಟೂರ್ನಿಯ ಪಂದ್ಯದಲ್ಲಿ ಪಂಜಾಬ್ ಕಿಂಗ್ಸ್ ತಂಡ ರಾಯಲ್ ಚಾಲೆಂಜರ್ಸ್ ಬೆಂಗಳೂರು ವಿರುದ್ಧ 54 ರನ್‌ಗಳ ಜಯ ಸಾಧಿಸಿದೆ. ಮೊದಲು ಬ್ಯಾಟಿಂಗ್ ಮಾಡಿದ ಪಂಜಾಬ್ 20 ಓವರ್‌ಗಳಲ್ಲಿ 9 ವಿಕೆಟ್ ನಷ್ಟಕ್ಕೆ 209 ರನ್ ಗಳಿಸಿತು. ಜಾನಿ ಬೇರ್‌ಸ್ಟೋ ಹಾಗೂ ಲಿವಿಂಗ್‌ಸ್ಟೋನ್ ಅರ್ಧಶತಕ ಬಾರಿಸಿದರು. ಗುರಿ ಬೆನ್ನಟ್ಟಿದ ಆರ್‌ಸಿಬಿ 9 ವಿಕೆಟ್ ನಷ್ಟಕ್ಕೆ 155 ರನ್ ಗಳಿಸಲಷ್ಟೇ ಶಕ್ತವಾಯಿತು. ಪಂಜಾಬ್ ಪರ ರಬಾಡ 3 ವಿಕೆಟ್ ಪಡೆದು ಮಿಂಚಿದರು.
ಕೆಂಪದೇವಮ್ಮ ನಿಧನ
ಮಳ್ಳುವಳ್ಳಿ, ಮೇ 13(ವರದಿ)- ತಾಲೂಕಿನ ಗ್ರಾಮದ ನಿವಾಸಿ ಕೆಂಪದೇವಮ್ಮ (85) ಅವರು ವಯೋಸಹಜ ಕಾಯಿಲೆಯಿಂದ ನಿಧನರಾದರು. ಮೃತರು ಪುತ್ರರು, ಪುತ್ರಿಯರು ಹಾಗೂ ಅಪಾರ ಬಂಧುಬಳಗವನ್ನು ಅಗಲಿದ್ದಾರೆ. ಅಂತ್ಯಕ್ರಿಯೆ ಸ್ವಗ್ರಾಮದಲ್ಲಿ ನೆರವೇರಿತು.
